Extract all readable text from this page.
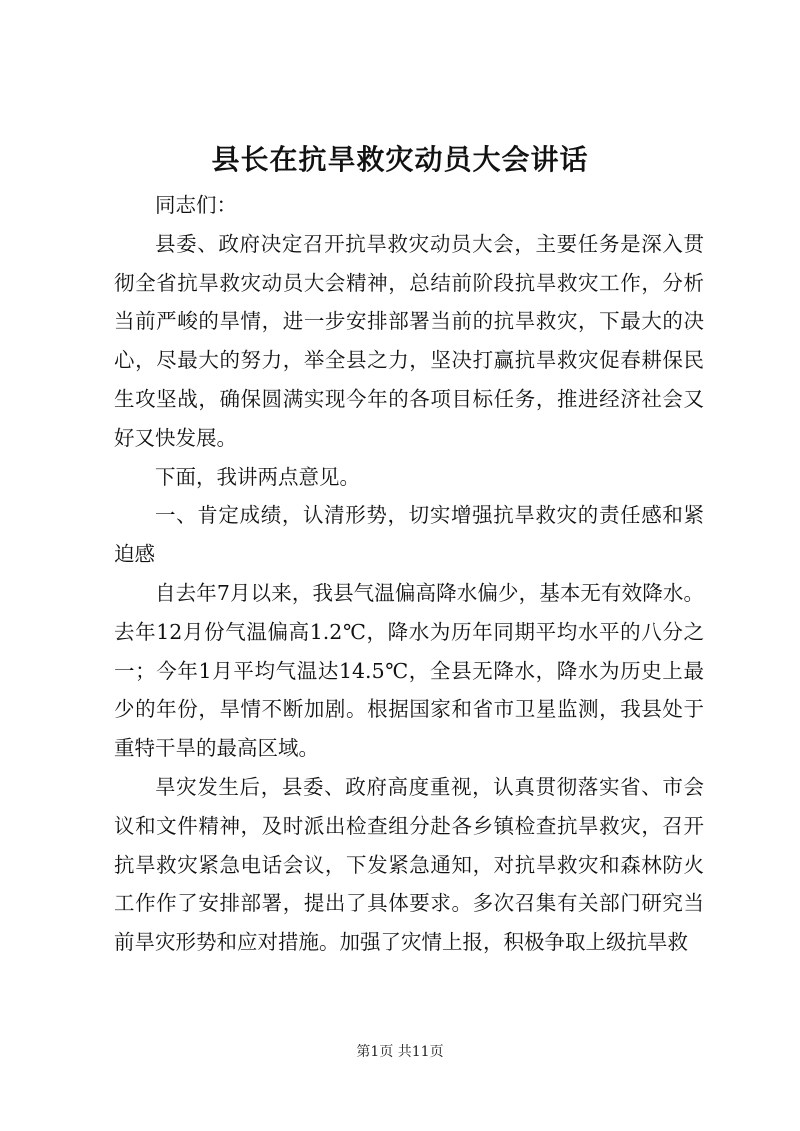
县长在抗旱救灾动员大会讲话

同志们：

县委、政府决定召开抗旱救灾动员大会，主要任务是深入贯彻全省抗旱救灾动员大会精神，总结前阶段抗旱救灾工作，分析当前严峻的旱情，进一步安排部署当前的抗旱救灾，下最大的决心，尽最大的努力，举全县之力，坚决打赢抗旱救灾促春耕保民生攻坚战，确保圆满实现今年的各项目标任务，推进经济社会又好又快发展。

下面，我讲两点意见。

一、肯定成绩，认清形势，切实增强抗旱救灾的责任感和紧迫感

自去年7月以来，我县气温偏高降水偏少，基本无有效降水。去年12月份气温偏高1.2℃，降水为历年同期平均水平的八分之一；今年1月平均气温达14.5℃，全县无降水，降水为历史上最少的年份，旱情不断加剧。根据国家和省市卫星监测，我县处于重特干旱的最高区域。

旱灾发生后，县委、政府高度重视，认真贯彻落实省、市会议和文件精神，及时派出检查组分赴各乡镇检查抗旱救灾，召开抗旱救灾紧急电话会议，下发紧急通知，对抗旱救灾和森林防火工作作了安排部署，提出了具体要求。多次召集有关部门研究当前旱灾形势和应对措施。加强了灾情上报，积极争取上级抗旱救

第1页 共11页
